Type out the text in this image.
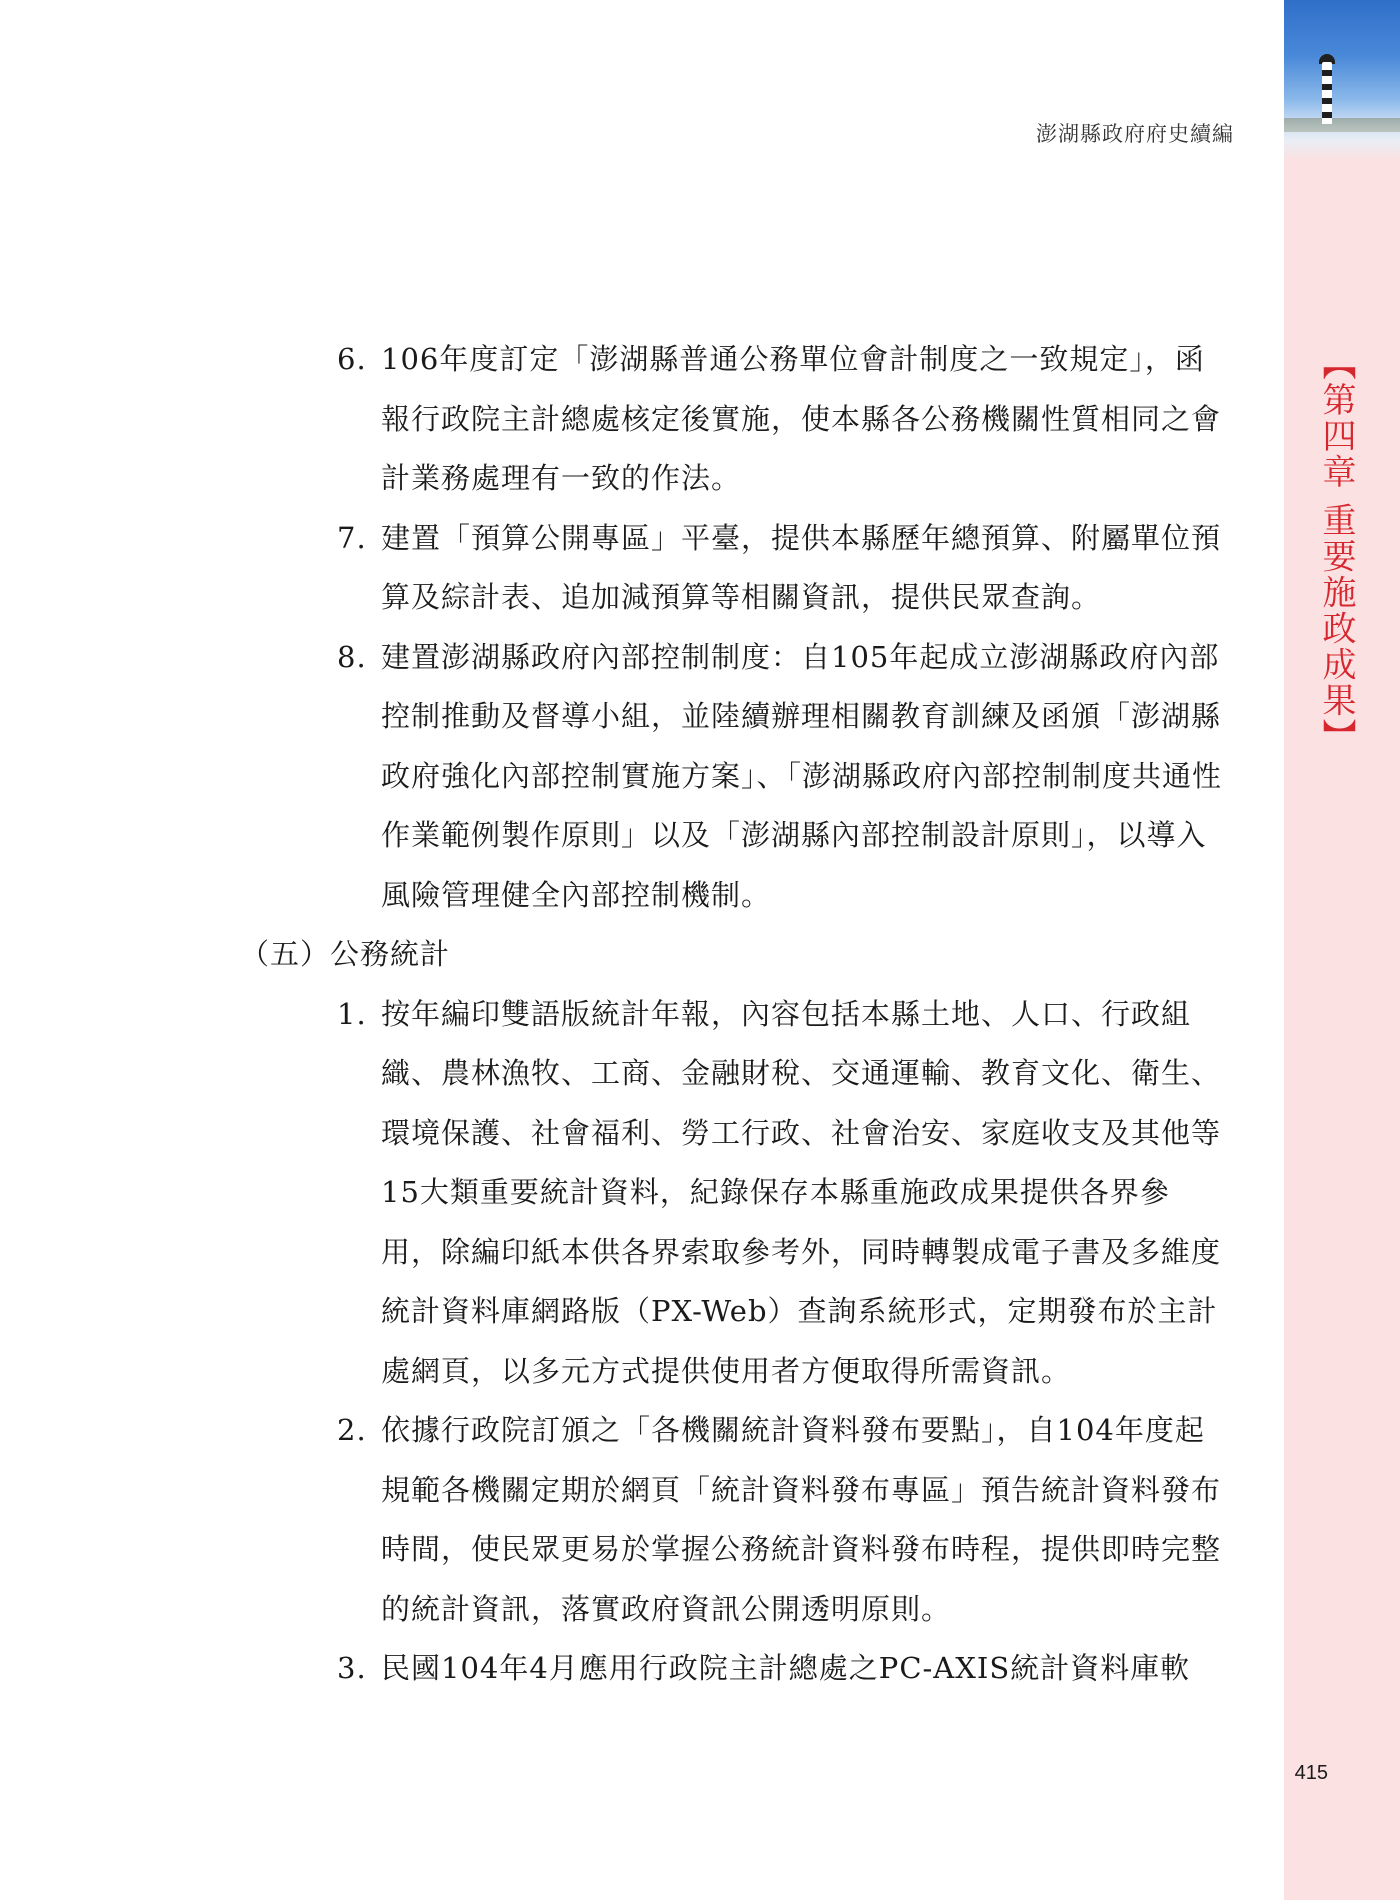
【第四章 重要施政成果】
澎湖縣政府府史續編
6. 106年度訂定「澎湖縣普通公務單位會計制度之一致規定」，函報行政院主計總處核定後實施，使本縣各公務機關性質相同之會計業務處理有一致的作法。
7. 建置「預算公開專區」平臺，提供本縣歷年總預算、附屬單位預算及綜計表、追加減預算等相關資訊，提供民眾查詢。
8. 建置澎湖縣政府內部控制制度：自105年起成立澎湖縣政府內部控制推動及督導小組，並陸續辦理相關教育訓練及函頒「澎湖縣政府強化內部控制實施方案」、「澎湖縣政府內部控制制度共通性作業範例製作原則」以及「澎湖縣內部控制設計原則」，以導入風險管理健全內部控制機制。
（五）公務統計
1. 按年編印雙語版統計年報，內容包括本縣土地、人口、行政組織、農林漁牧、工商、金融財稅、交通運輸、教育文化、衛生、環境保護、社會福利、勞工行政、社會治安、家庭收支及其他等15大類重要統計資料，紀錄保存本縣重施政成果提供各界參用，除編印紙本供各界索取參考外，同時轉製成電子書及多維度統計資料庫網路版（PX-Web）查詢系統形式，定期發布於主計處網頁，以多元方式提供使用者方便取得所需資訊。
2. 依據行政院訂頒之「各機關統計資料發布要點」，自104年度起規範各機關定期於網頁「統計資料發布專區」預告統計資料發布時間，使民眾更易於掌握公務統計資料發布時程，提供即時完整的統計資訊，落實政府資訊公開透明原則。
3. 民國104年4月應用行政院主計總處之PC-AXIS統計資料庫軟
415
